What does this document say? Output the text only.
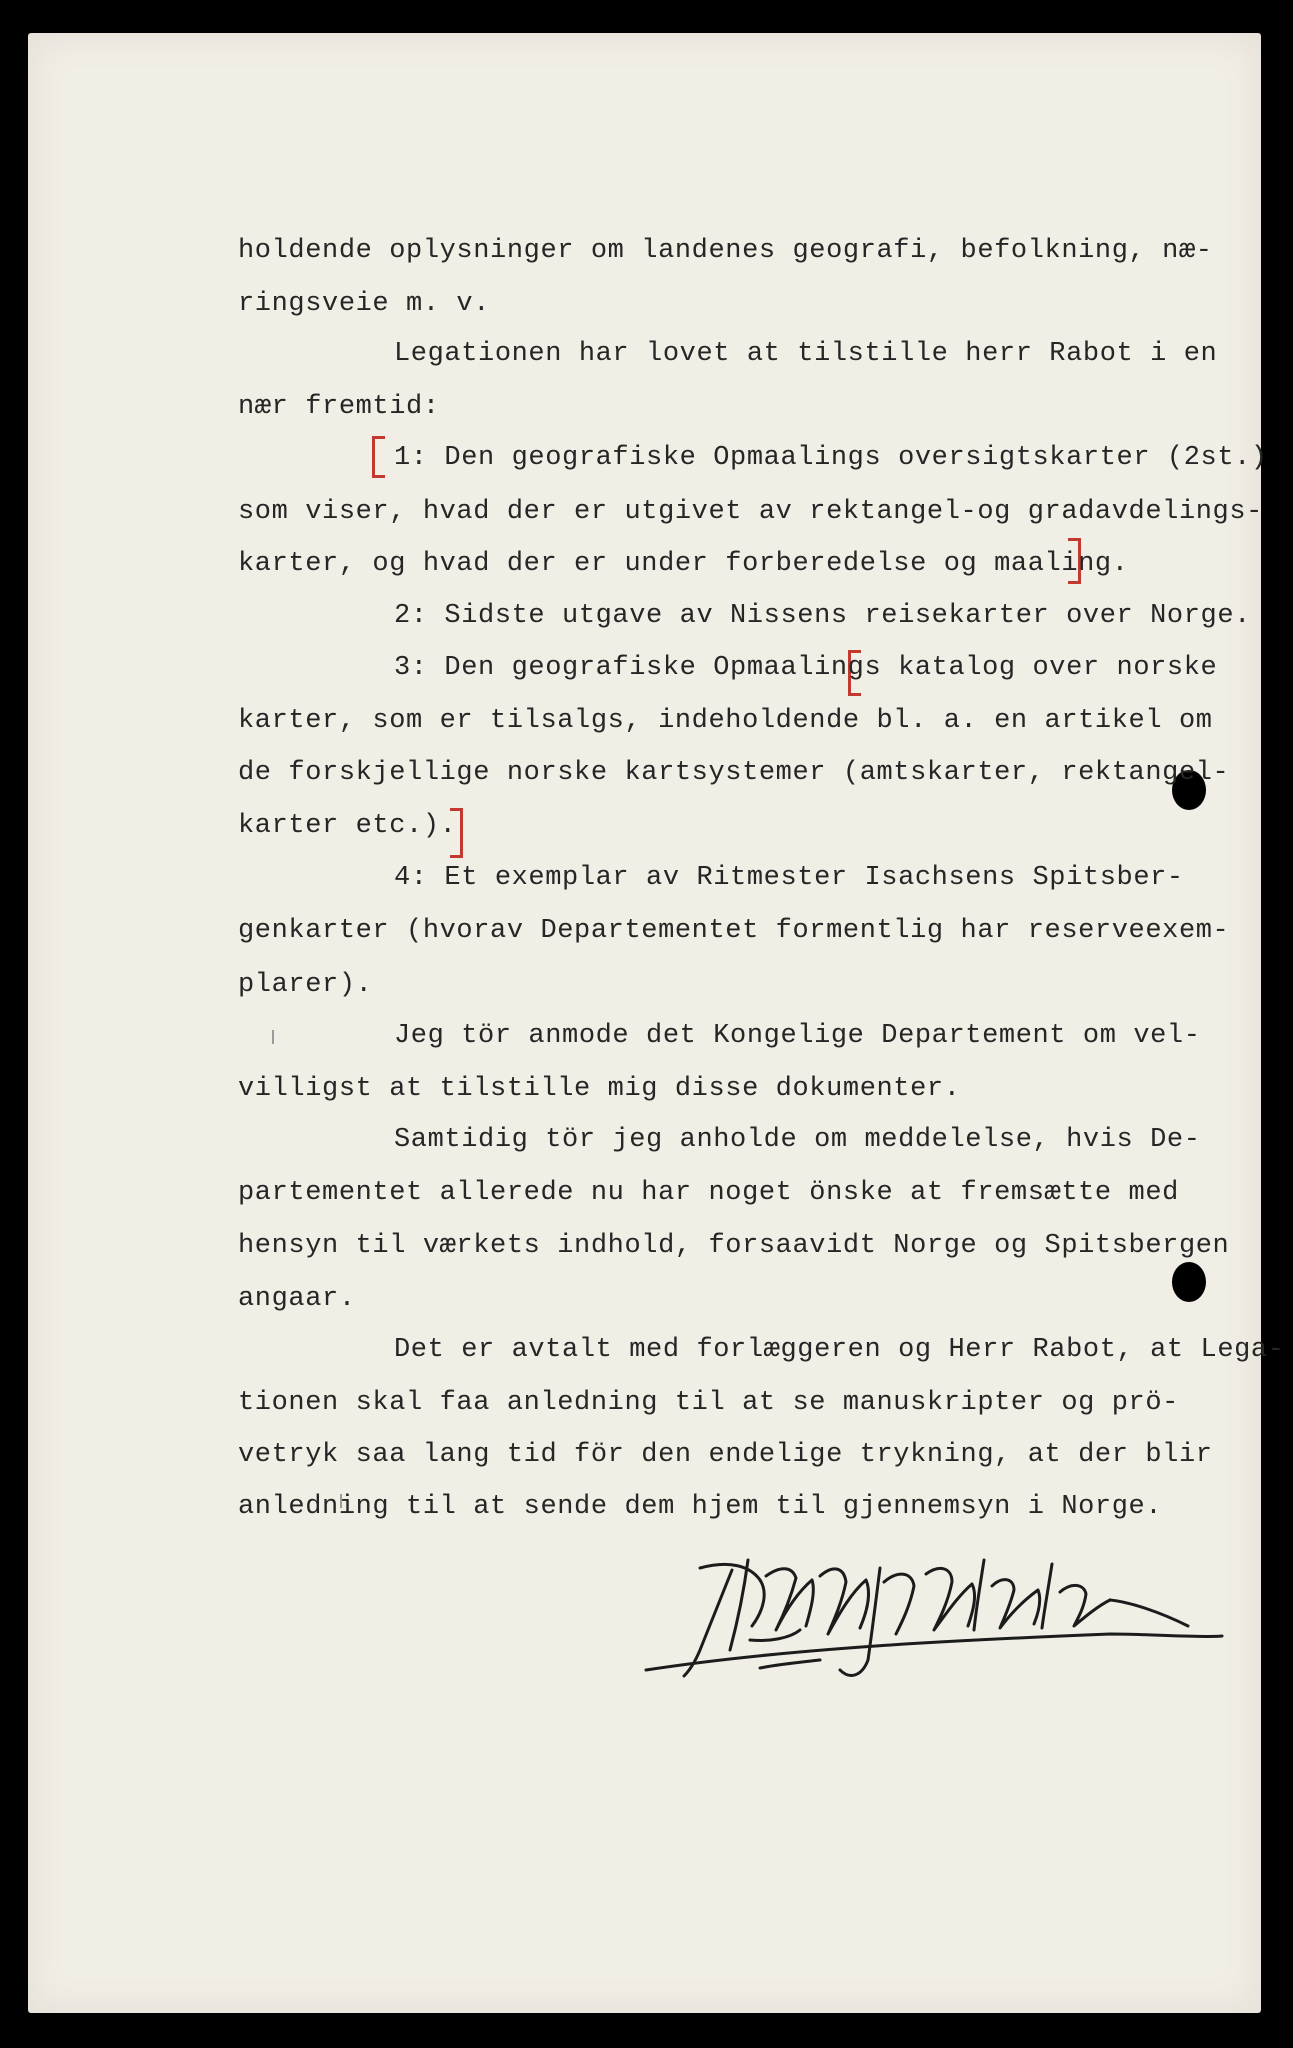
holdende oplysninger om landenes geografi, befolkning, næ-
ringsveie m. v.
Legationen har lovet at tilstille herr Rabot i en
nær fremtid:
1: Den geografiske Opmaalings oversigtskarter (2st.)
som viser, hvad der er utgivet av rektangel-og gradavdelings-
karter, og hvad der er under forberedelse og maaling.
2: Sidste utgave av Nissens reisekarter over Norge.
3: Den geografiske Opmaalings katalog over norske
karter, som er tilsalgs, indeholdende bl. a. en artikel om
de forskjellige norske kartsystemer (amtskarter, rektangel-
karter etc.).
4: Et exemplar av Ritmester Isachsens Spitsber-
genkarter (hvorav Departementet formentlig har reserveexem-
plarer).
Jeg tör anmode det Kongelige Departement om vel-
villigst at tilstille mig disse dokumenter.
Samtidig tör jeg anholde om meddelelse, hvis De-
partementet allerede nu har noget önske at fremsætte med
hensyn til værkets indhold, forsaavidt Norge og Spitsbergen
angaar.
Det er avtalt med forlæggeren og Herr Rabot, at Lega-
tionen skal faa anledning til at se manuskripter og prö-
vetryk saa lang tid för den endelige trykning, at der blir
anledning til at sende dem hjem til gjennemsyn i Norge.
